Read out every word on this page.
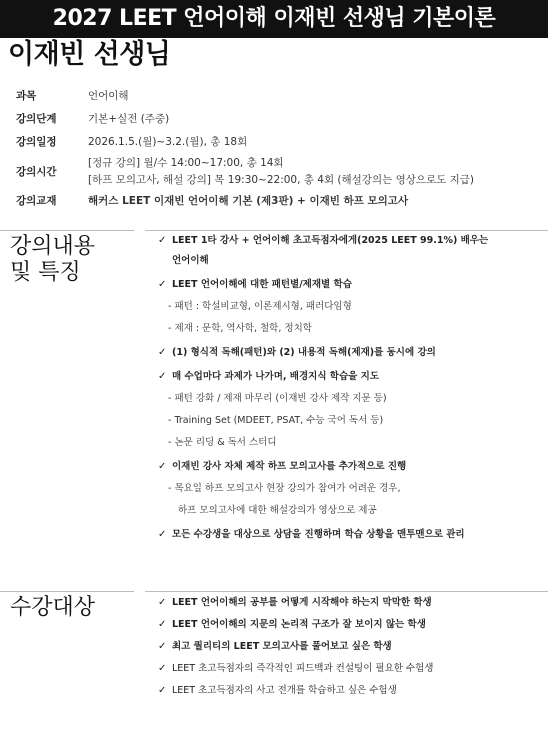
2027 LEET 언어이해 이재빈 선생님 기본이론
이재빈 선생님
과목	언어이해
강의단계	기본+실전 (주중)
강의일정	2026.1.5.(월)~3.2.(월), 총 18회
강의시간
[정규 강의] 월/수 14:00~17:00, 총 14회
[하프 모의고사, 해설 강의] 목 19:30~22:00, 총 4회 (해설강의는 영상으로도 지급)
강의교재	해커스 LEET 이재빈 언어이해 기본 (제3판) + 이재빈 하프 모의고사
강의내용
및 특징
✓ LEET 1타 강사 + 언어이해 초고득점자에게(2025 LEET 99.1%) 배우는
언어이해
✓ LEET 언어이해에 대한 패턴별/제재별 학습
- 패턴 : 학설비교형, 이론제시형, 패러다임형
- 제재 : 문학, 역사학, 철학, 정치학
✓ (1) 형식적 독해(패턴)와 (2) 내용적 독해(제재)를 동시에 강의
✓ 매 수업마다 과제가 나가며, 배경지식 학습을 지도
- 패턴 강화 / 제재 마무리 (이재빈 강사 제작 지문 등)
- Training Set (MDEET, PSAT, 수능 국어 독서 등)
- 논문 리딩 & 독서 스터디
✓ 이재빈 강사 자체 제작 하프 모의고사를 추가적으로 진행
- 목요일 하프 모의고사 현장 강의가 참여가 어려운 경우,
하프 모의고사에 대한 해설강의가 영상으로 제공
✓ 모든 수강생을 대상으로 상담을 진행하며 학습 상황을 맨투맨으로 관리
수강대상	✓ LEET 언어이해의 공부를 어떻게 시작해야 하는지 막막한 학생
✓ LEET 언어이해의 지문의 논리적 구조가 잘 보이지 않는 학생
✓ 최고 퀄리티의 LEET 모의고사를 풀어보고 싶은 학생
✓ LEET 초고득점자의 즉각적인 피드백과 컨설팅이 필요한 수험생
✓ LEET 초고득점자의 사고 전개를 학습하고 싶은 수험생
